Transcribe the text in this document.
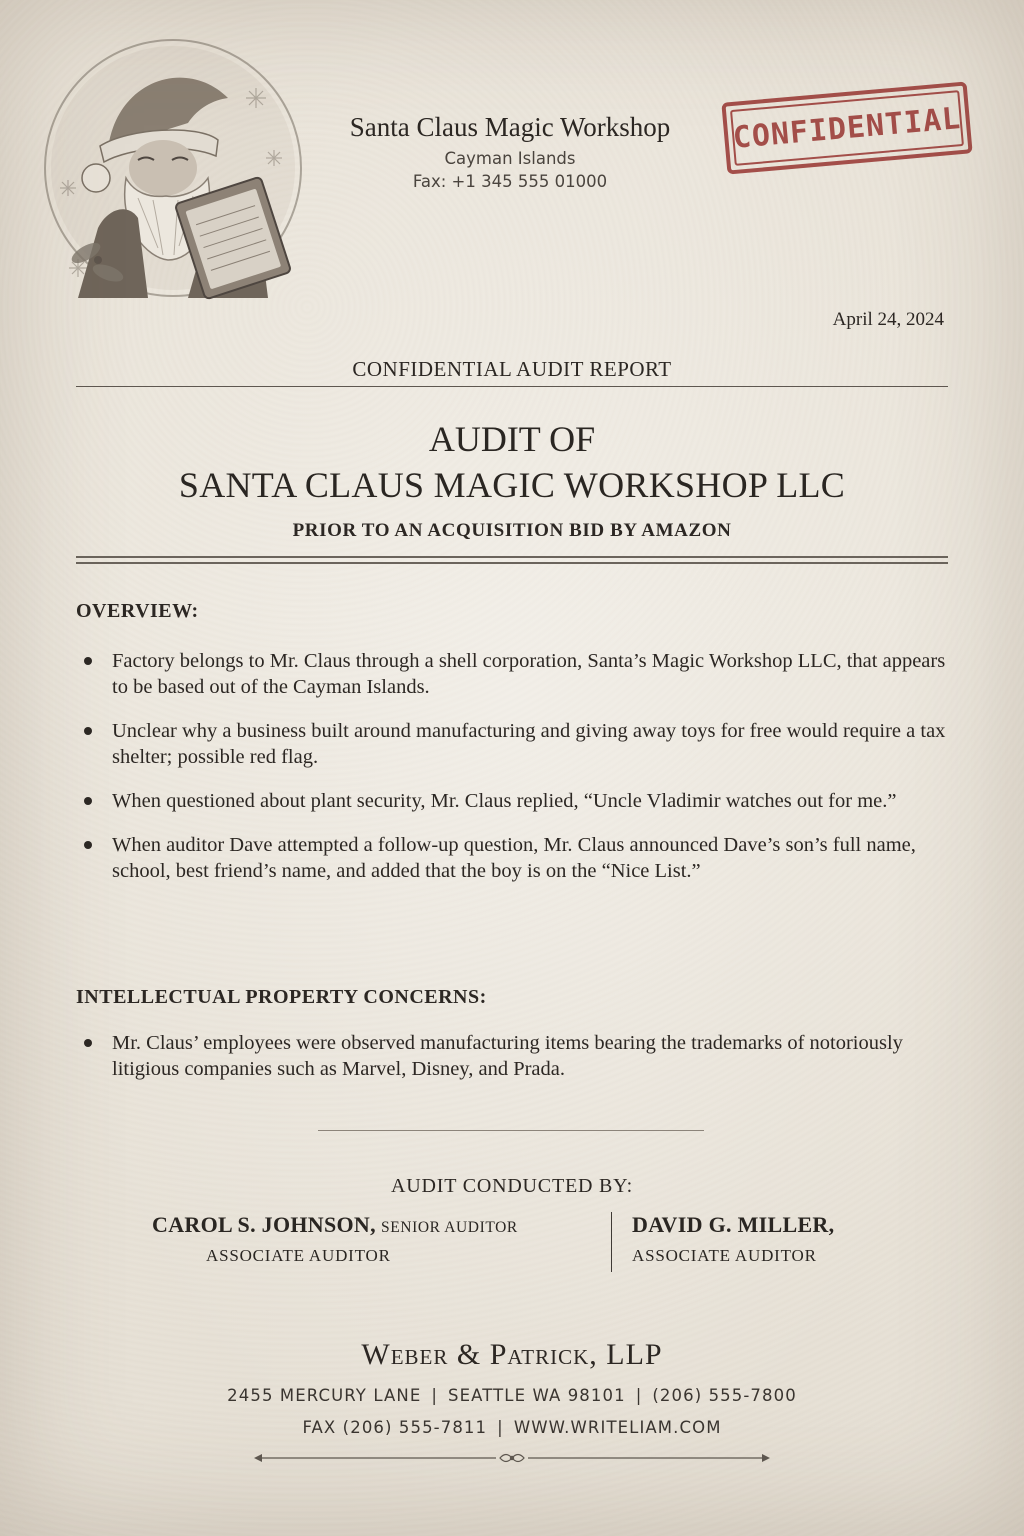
Santa Claus Magic Workshop
Cayman Islands
Fax: +1 345 555 01000
CONFIDENTIAL
April 24, 2024
CONFIDENTIAL AUDIT REPORT
AUDIT OF
SANTA CLAUS MAGIC WORKSHOP LLC
PRIOR TO AN ACQUISITION BID BY AMAZON
OVERVIEW:
Factory belongs to Mr. Claus through a shell corporation, Santa’s Magic Workshop LLC, that appears to be based out of the Cayman Islands.
Unclear why a business built around manufacturing and giving away toys for free would require a tax shelter; possible red flag.
When questioned about plant security, Mr. Claus replied, “Uncle Vladimir watches out for me.”
When auditor Dave attempted a follow-up question, Mr. Claus announced Dave’s son’s full name, school, best friend’s name, and added that the boy is on the “Nice List.”
INTELLECTUAL PROPERTY CONCERNS:
Mr. Claus’ employees were observed manufacturing items bearing the trademarks of notoriously litigious companies such as Marvel, Disney, and Prada.
AUDIT CONDUCTED BY:
CAROL S. JOHNSON, SENIOR AUDITOR
ASSOCIATE AUDITOR
DAVID G. MILLER,
ASSOCIATE AUDITOR
Weber & Patrick, LLP
2455 MERCURY LANE | SEATTLE WA 98101 | (206) 555-7800
FAX (206) 555-7811 | WWW.WRITELIAM.COM
